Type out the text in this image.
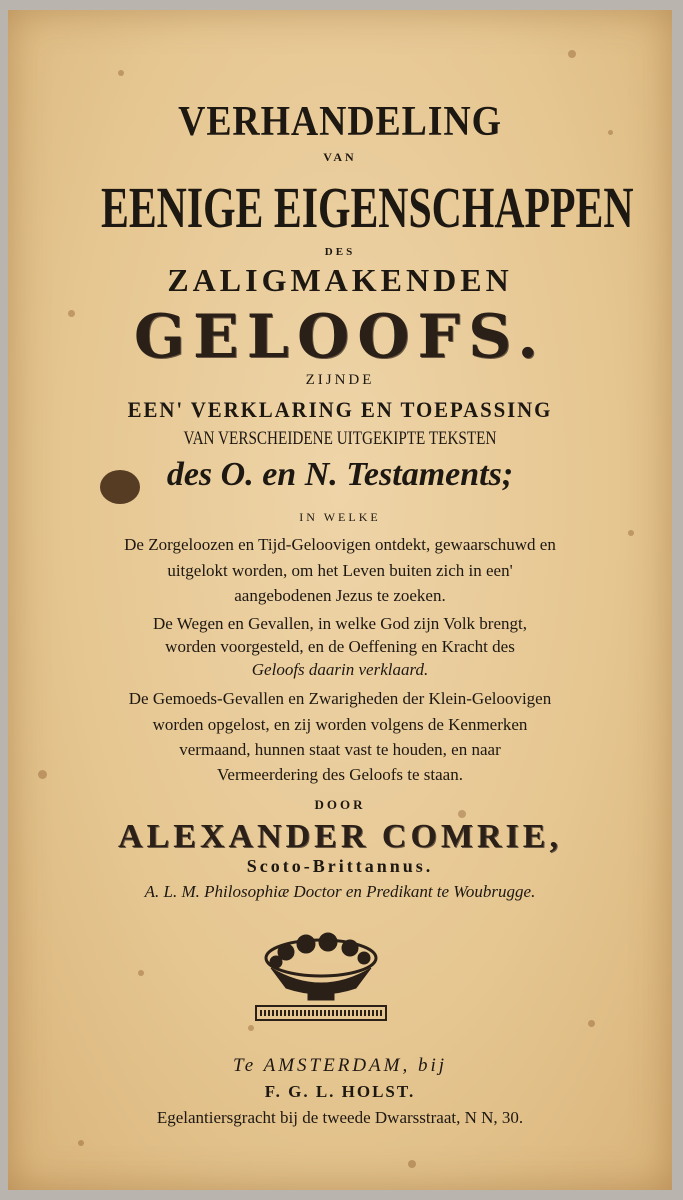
VERHANDELING
VAN
EENIGE EIGENSCHAPPEN
DES
ZALIGMAKENDEN
GELOOFS.
ZIJNDE
EEN' VERKLARING EN TOEPASSING
VAN VERSCHEIDENE UITGEKIPTE TEKSTEN
des O. en N. Testaments;
IN WELKE
De Zorgeloozen en Tijd-Geloovigen ontdekt, gewaarschuwd en
uitgelokt worden, om het Leven buiten zich in een'
aangebodenen Jezus te zoeken.
De Wegen en Gevallen, in welke God zijn Volk brengt,
worden voorgesteld, en de Oeffening en Kracht des
Geloofs daarin verklaard.
De Gemoeds-Gevallen en Zwarigheden der Klein-Geloovigen
worden opgelost, en zij worden volgens de Kenmerken
vermaand, hunnen staat vast te houden, en naar
Vermeerdering des Geloofs te staan.
DOOR
ALEXANDER COMRIE,
Scoto-Brittannus.
A. L. M. Philosophiæ Doctor en Predikant te Woubrugge.
Te AMSTERDAM, bij
F. G. L. HOLST.
Egelantiersgracht bij de tweede Dwarsstraat, N N, 30.
